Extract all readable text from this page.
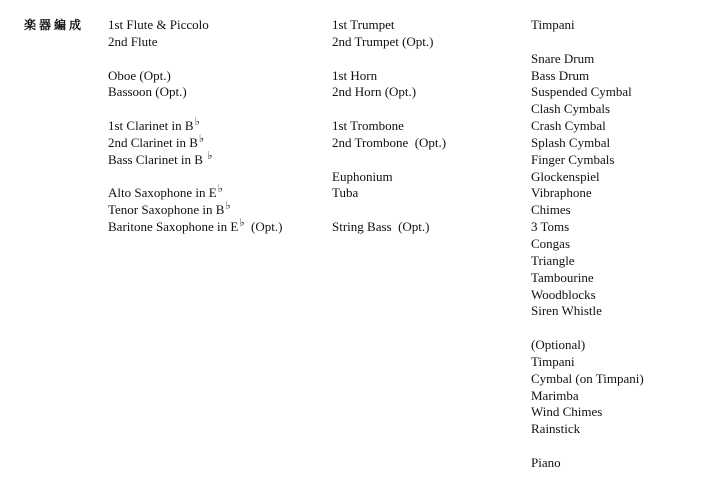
楽器編成 1st Flute & Piccolo
2nd Flute

Oboe (Opt.)
Bassoon (Opt.)

1st Clarinet in B♭
2nd Clarinet in B♭
Bass Clarinet in B ♭

Alto Saxophone in E♭
Tenor Saxophone in B♭
Baritone Saxophone in E♭  (Opt.)
1st Trumpet
2nd Trumpet (Opt.)

1st Horn
2nd Horn (Opt.)

1st Trombone
2nd Trombone  (Opt.)

Euphonium
Tuba

String Bass  (Opt.)
Timpani

Snare Drum
Bass Drum
Suspended Cymbal
Clash Cymbals
Crash Cymbal
Splash Cymbal
Finger Cymbals
Glockenspiel
Vibraphone
Chimes
3 Toms
Congas
Triangle
Tambourine
Woodblocks
Siren Whistle

(Optional)
Timpani
Cymbal (on Timpani)
Marimba
Wind Chimes
Rainstick

Piano
